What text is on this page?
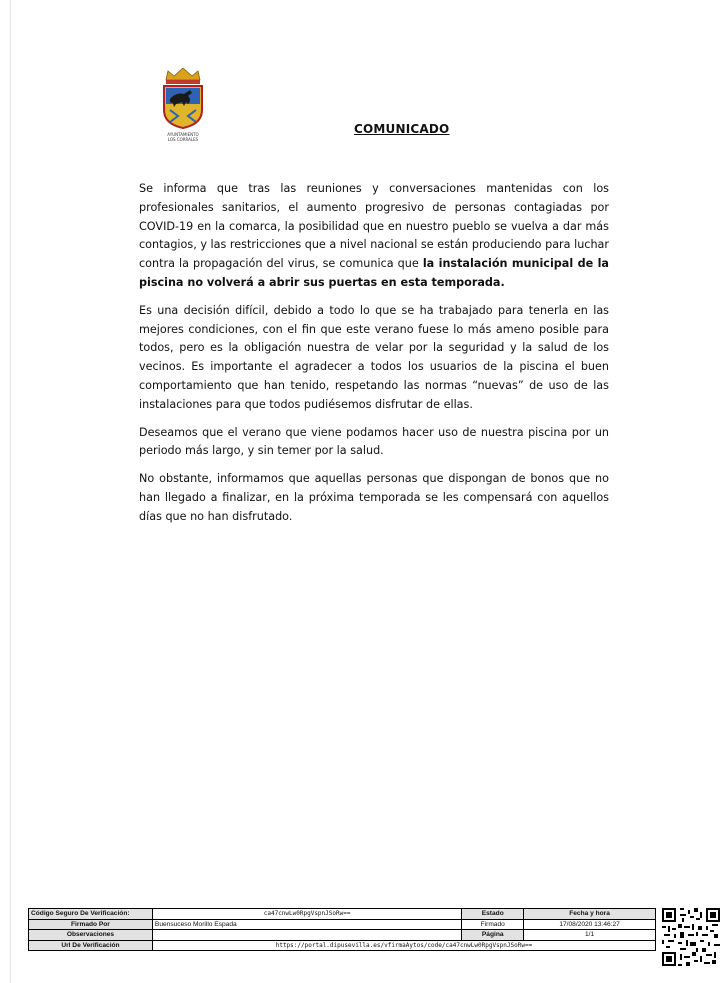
AYUNTAMIENTO
LOS CORRALES
COMUNICADO

Se informa que tras las reuniones y conversaciones mantenidas con los profesionales sanitarios, el aumento progresivo de personas contagiadas por COVID-19 en la comarca, la posibilidad que en nuestro pueblo se vuelva a dar más contagios, y las restricciones que a nivel nacional se están produciendo para luchar contra la propagación del virus, se comunica que la instalación municipal de la piscina no volverá a abrir sus puertas en esta temporada.

Es una decisión difícil, debido a todo lo que se ha trabajado para tenerla en las mejores condiciones, con el fin que este verano fuese lo más ameno posible para todos, pero es la obligación nuestra de velar por la seguridad y la salud de los vecinos. Es importante el agradecer a todos los usuarios de la piscina el buen comportamiento que han tenido, respetando las normas “nuevas” de uso de las instalaciones para que todos pudiésemos disfrutar de ellas.

Deseamos que el verano que viene podamos hacer uso de nuestra piscina por un periodo más largo, y sin temer por la salud.

No obstante, informamos que aquellas personas que dispongan de bonos que no han llegado a finalizar, en la próxima temporada se les compensará con aquellos días que no han disfrutado.

Código Seguro De Verificación:	ca47cnwLw0RpgVspnJSoRw==	Estado	Fecha y hora
Firmado Por	Buensuceso Morillo Espada	Firmado	17/08/2020 13:46:27
Observaciones		Página	1/1
Url De Verificación	https://portal.dipusevilla.es/vfirmaAytos/code/ca47cnwLw0RpgVspnJSoRw==		
